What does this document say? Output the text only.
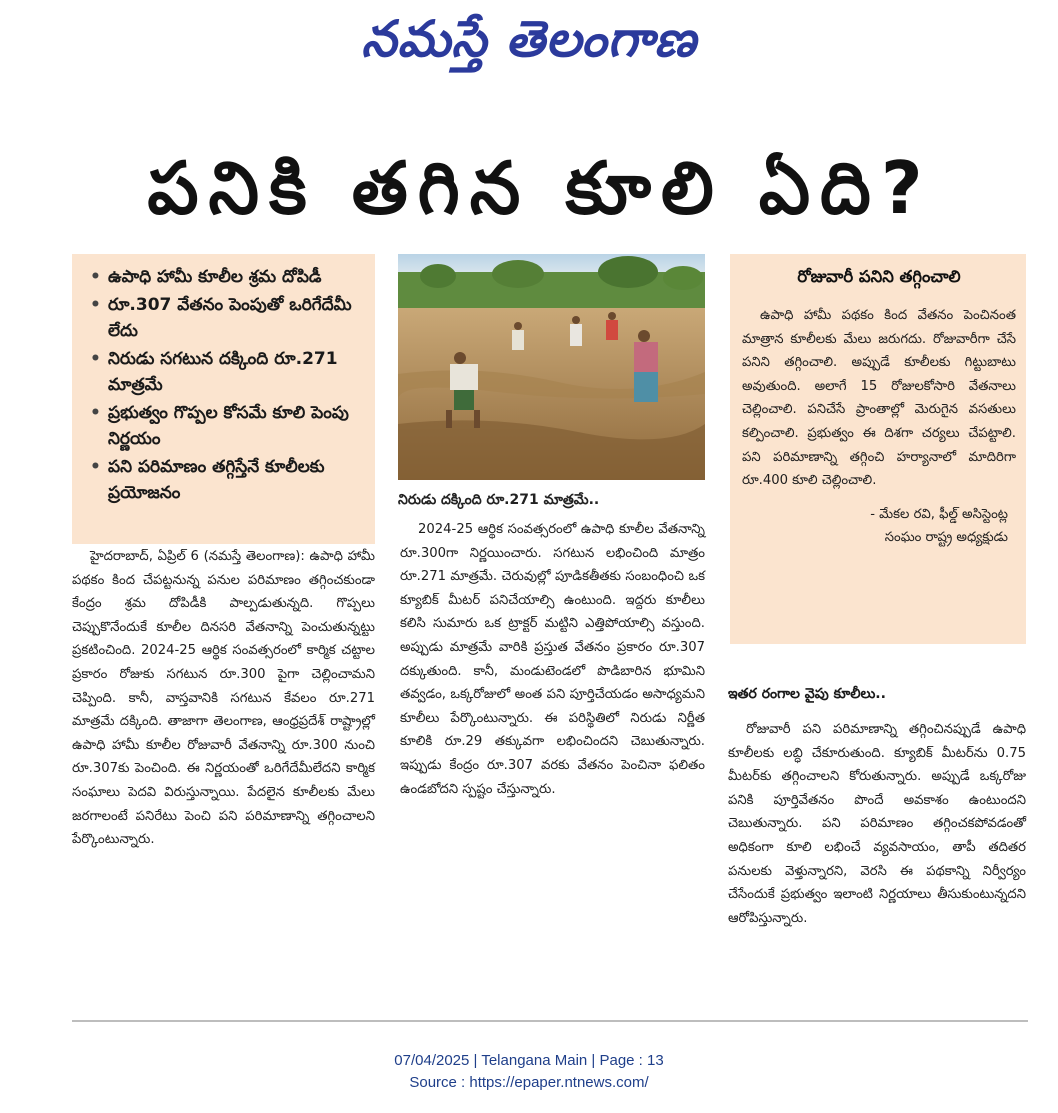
నమస్తే తెలంగాణ
పనికి తగిన కూలి ఏది?
• ఉపాధి హామీ కూలీల శ్రమ దోపిడీ
• రూ.307 వేతనం పెంపుతో ఒరిగేదేమీ లేదు
• నిరుడు సగటున దక్కింది రూ.271 మాత్రమే
• ప్రభుత్వం గొప్పల కోసమే కూలి పెంపు నిర్ణయం
• పని పరిమాణం తగ్గిస్తేనే కూలీలకు ప్రయోజనం	నిరుడు దక్కింది రూ.271 మాత్రమే..

హైదరాబాద్, ఏప్రిల్ 6 (నమస్తే తెలంగాణ): ఉపాధి హామీ పథకం కింద చేపట్టనున్న పనుల పరిమాణం తగ్గించకుండా కేంద్రం శ్రమ దోపిడీకి పాల్పడుతున్నది. గొప్పలు చెప్పుకొనేందుకే కూలీల దినసరి వేతనాన్ని పెంచుతున్నట్టు ప్రకటించింది. 2024-25 ఆర్థిక సంవత్సరంలో కార్మిక చట్టాల ప్రకారం రోజుకు సగటున రూ.300 పైగా చెల్లించామని చెప్పింది. కానీ, వాస్తవానికి సగటున కేవలం రూ.271 మాత్రమే దక్కింది. తాజాగా తెలంగాణ, ఆంధ్రప్రదేశ్ రాష్ట్రాల్లో ఉపాధి హామీ కూలీల రోజువారీ వేతనాన్ని రూ.300 నుంచి రూ.307కు పెంచింది. ఈ నిర్ణయంతో ఒరిగేదేమీలేదని కార్మిక సంఘాలు పెదవి విరుస్తున్నాయి. పేదలైన కూలీలకు మేలు జరగాలంటే పనిరేటు పెంచి పని పరిమాణాన్ని తగ్గించాలని పేర్కొంటున్నారు.

2024-25 ఆర్థిక సంవత్సరంలో ఉపాధి కూలీల వేతనాన్ని రూ.300గా నిర్ణయించారు. సగటున లభించింది మాత్రం రూ.271 మాత్రమే. చెరువుల్లో పూడికతీతకు సంబంధించి ఒక క్యూబిక్ మీటర్ పనిచేయాల్సి ఉంటుంది. ఇద్దరు కూలీలు కలిసి సుమారు ఒక ట్రాక్టర్ మట్టిని ఎత్తిపోయాల్సి వస్తుంది. అప్పుడు మాత్రమే వారికి ప్రస్తుత వేతనం ప్రకారం రూ.307 దక్కుతుంది. కానీ, మండుటెండలో పొడిబారిన భూమిని తవ్వడం, ఒక్కరోజులో అంత పని పూర్తిచేయడం అసాధ్యమని కూలీలు పేర్కొంటున్నారు. ఈ పరిస్థితిలో నిరుడు నిర్ణీత కూలికి రూ.29 తక్కువగా లభించిందని చెబుతున్నారు. ఇప్పుడు కేంద్రం రూ.307 వరకు వేతనం పెంచినా ఫలితం ఉండబోదని స్పష్టం చేస్తున్నారు.

రోజువారీ పనిని తగ్గించాలి

ఉపాధి హామీ పథకం కింద వేతనం పెంచినంత మాత్రాన కూలీలకు మేలు జరుగదు. రోజువారీగా చేసే పనిని తగ్గించాలి. అప్పుడే కూలీలకు గిట్టుబాటు అవుతుంది. అలాగే 15 రోజులకోసారి వేతనాలు చెల్లించాలి. పనిచేసే ప్రాంతాల్లో మెరుగైన వసతులు కల్పించాలి. ప్రభుత్వం ఈ దిశగా చర్యలు చేపట్టాలి. పని పరిమాణాన్ని తగ్గించి హర్యానాలో మాదిరిగా రూ.400 కూలి చెల్లించాలి.

- మేకల రవి, ఫీల్డ్ అసిస్టెంట్ల
సంఘం రాష్ట్ర అధ్యక్షుడు
ఇతర రంగాల వైపు కూలీలు..

రోజువారీ పని పరిమాణాన్ని తగ్గించినప్పుడే ఉపాధి కూలీలకు లబ్ధి చేకూరుతుంది. క్యూబిక్ మీటర్‌ను 0.75 మీటర్‌కు తగ్గించాలని కోరుతున్నారు. అప్పుడే ఒక్కరోజు పనికి పూర్తివేతనం పొందే అవకాశం ఉంటుందని చెబుతున్నారు. పని పరిమాణం తగ్గించకపోవడంతో అధికంగా కూలి లభించే వ్యవసాయం, తాపీ తదితర పనులకు వెళ్తున్నారని, వెరసి ఈ పథకాన్ని నిర్వీర్యం చేసేందుకే ప్రభుత్వం ఇలాంటి నిర్ణయాలు తీసుకుంటున్నదని ఆరోపిస్తున్నారు.

07/04/2025 | Telangana Main | Page : 13
Source : https://epaper.ntnews.com/
